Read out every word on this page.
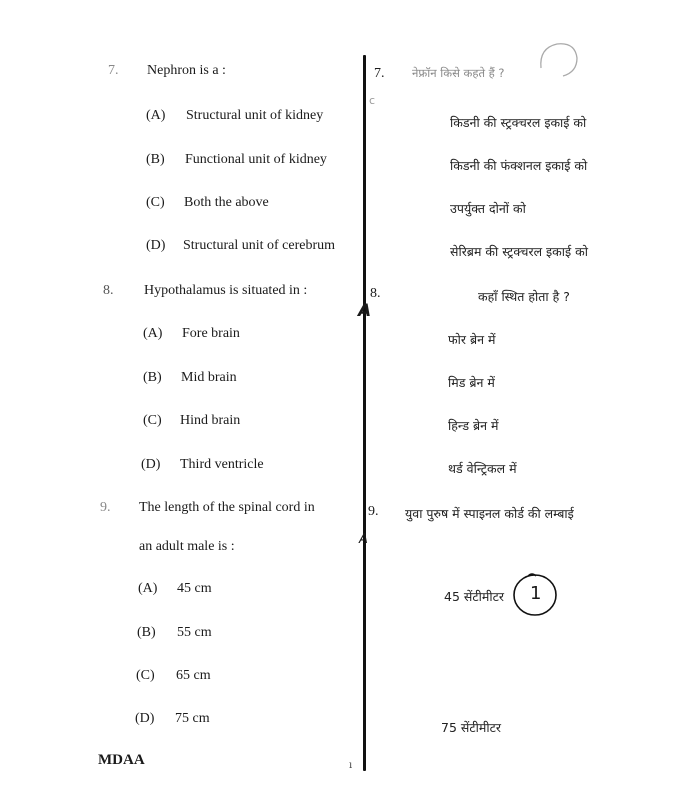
7. Nephron is a :
(A) Structural unit of kidney
(B) Functional unit of kidney
(C) Both the above
(D) Structural unit of cerebrum
8. Hypothalamus is situated in :
(A) Fore brain
(B) Mid brain
(C) Hind brain
(D) Third ventricle
9. The length of the spinal cord in
an adult male is :
(A) 45 cm
(B) 55 cm
(C) 65 cm
(D) 75 cm
c
7. नेफ्रॉन किसे कहते हैं ?
किडनी की स्ट्रक्चरल इकाई को
किडनी की फंक्शनल इकाई को
उपर्युक्त दोनों को
सेरिब्रम की स्ट्रक्चरल इकाई को
8.	कहाँ स्थित होता है ?
फोर ब्रेन में
मिड ब्रेन में
हिन्ड ब्रेन में
थर्ड वेन्ट्रिकल में
9. युवा पुरुष में स्पाइनल कोर्ड की लम्बाई
45 सेंटीमीटर
75 सेंटीमीटर
A
A
1
MDAA	ı
